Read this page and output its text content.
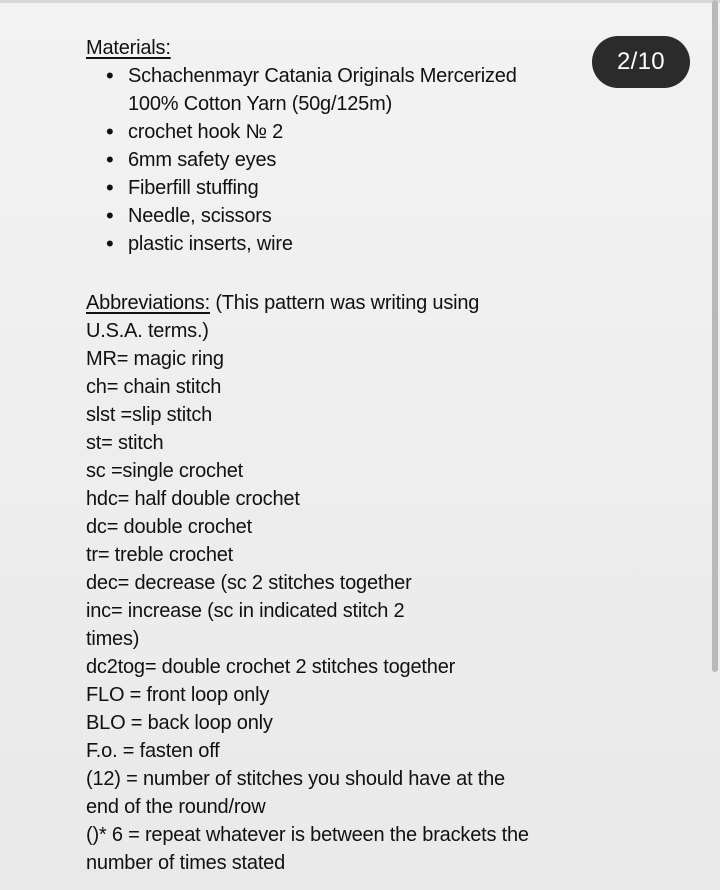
Materials:
• Schachenmayr Catania Originals Mercerized
100% Cotton Yarn (50g/125m)
• crochet hook № 2
• 6mm safety eyes
• Fiberfill stuffing
• Needle, scissors
• plastic inserts, wire
Abbreviations: (This pattern was writing using
U.S.A. terms.)
MR= magic ring
ch= chain stitch
slst =slip stitch
st= stitch
sc =single crochet
hdc= half double crochet
dc= double crochet
tr= treble crochet
dec= decrease (sc 2 stitches together
inc= increase (sc in indicated stitch 2
times)
dc2tog= double crochet 2 stitches together
FLO = front loop only
BLO = back loop only
F.o. = fasten off
(12) = number of stitches you should have at the
end of the round/row
()* 6 = repeat whatever is between the brackets the
number of times stated
2/10
